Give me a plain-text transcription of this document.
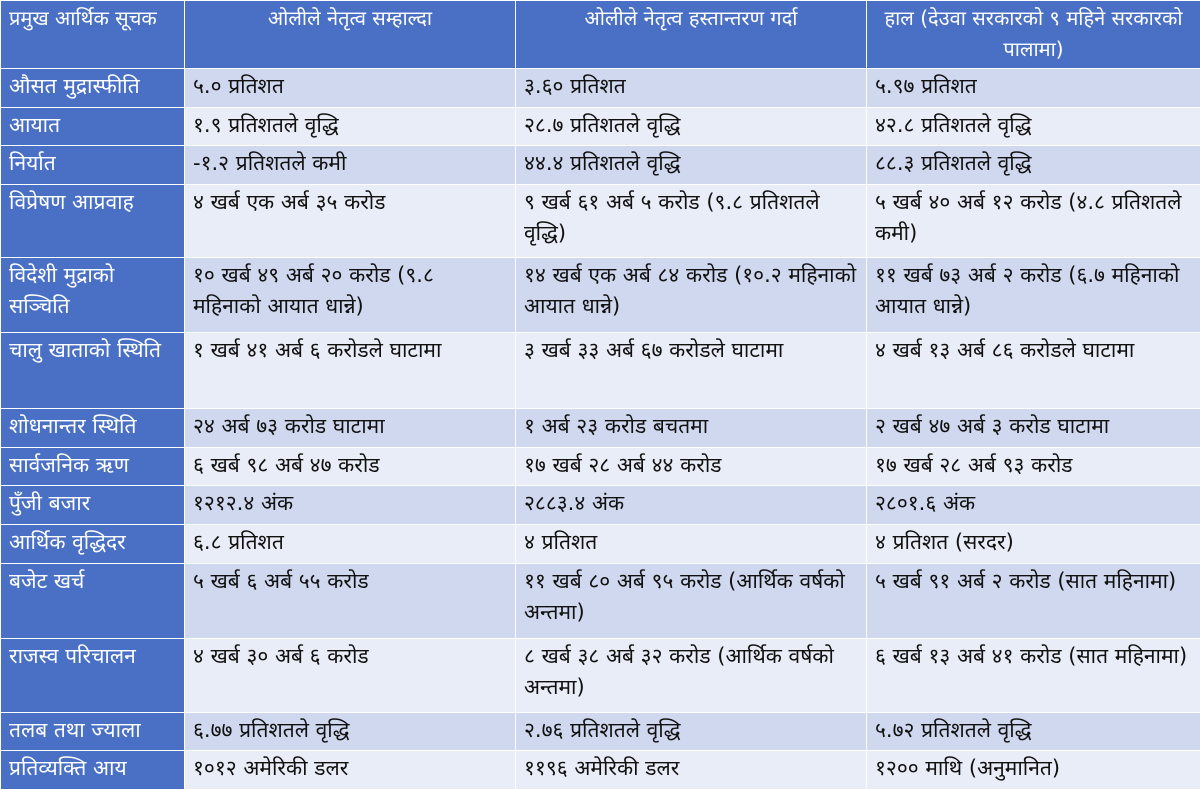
प्रमुख आर्थिक सूचक	ओलीले नेतृत्व सम्हाल्दा	ओलीले नेतृत्व हस्तान्तरण गर्दा	हाल (देउवा सरकारको ९ महिने सरकारको पालामा)
औसत मुद्रास्फीति	५.० प्रतिशत	३.६० प्रतिशत	५.९७ प्रतिशत
आयात	१.९ प्रतिशतले वृद्धि	२८.७ प्रतिशतले वृद्धि	४२.८ प्रतिशतले वृद्धि
निर्यात	-१.२ प्रतिशतले कमी	४४.४ प्रतिशतले वृद्धि	८८.३ प्रतिशतले वृद्धि
विप्रेषण आप्रवाह	४ खर्ब एक अर्ब ३५ करोड	९ खर्ब ६१ अर्ब ५ करोड (९.८ प्रतिशतले वृद्धि)	५ खर्ब ४० अर्ब १२ करोड (४.८ प्रतिशतले कमी)
विदेशी मुद्राको सञ्चिति	१० खर्ब ४९ अर्ब २० करोड (९.८ महिनाको आयात धान्ने)	१४ खर्ब एक अर्ब ८४ करोड (१०.२ महिनाको आयात धान्ने)	११ खर्ब ७३ अर्ब २ करोड (६.७ महिनाको आयात धान्ने)
चालु खाताको स्थिति	१ खर्ब ४१ अर्ब ६ करोडले घाटामा	३ खर्ब ३३ अर्ब ६७ करोडले घाटामा	४ खर्ब १३ अर्ब ८६ करोडले घाटामा
शोधनान्तर स्थिति	२४ अर्ब ७३ करोड घाटामा	१ अर्ब २३ करोड बचतमा	२ खर्ब ४७ अर्ब ३ करोड घाटामा
सार्वजनिक ऋण	६ खर्ब ९८ अर्ब ४७ करोड	१७ खर्ब २८ अर्ब ४४ करोड	१७ खर्ब २८ अर्ब ९३ करोड
पुँजी बजार	१२१२.४ अंक	२८८३.४ अंक	२८०१.६ अंक
आर्थिक वृद्धिदर	६.८ प्रतिशत	४ प्रतिशत	४ प्रतिशत (सरदर)
बजेट खर्च	५ खर्ब ६ अर्ब ५५ करोड	११ खर्ब ८० अर्ब ९५ करोड (आर्थिक वर्षको अन्तमा)	५ खर्ब ९१ अर्ब २ करोड (सात महिनामा)
राजस्व परिचालन	४ खर्ब ३० अर्ब ६ करोड	८ खर्ब ३८ अर्ब ३२ करोड (आर्थिक वर्षको अन्तमा)	६ खर्ब १३ अर्ब ४१ करोड (सात महिनामा)
तलब तथा ज्याला	६.७७ प्रतिशतले वृद्धि	२.७६ प्रतिशतले वृद्धि	५.७२ प्रतिशतले वृद्धि
प्रतिव्यक्ति आय	१०१२ अमेरिकी डलर	११९६ अमेरिकी डलर	१२०० माथि (अनुमानित)
